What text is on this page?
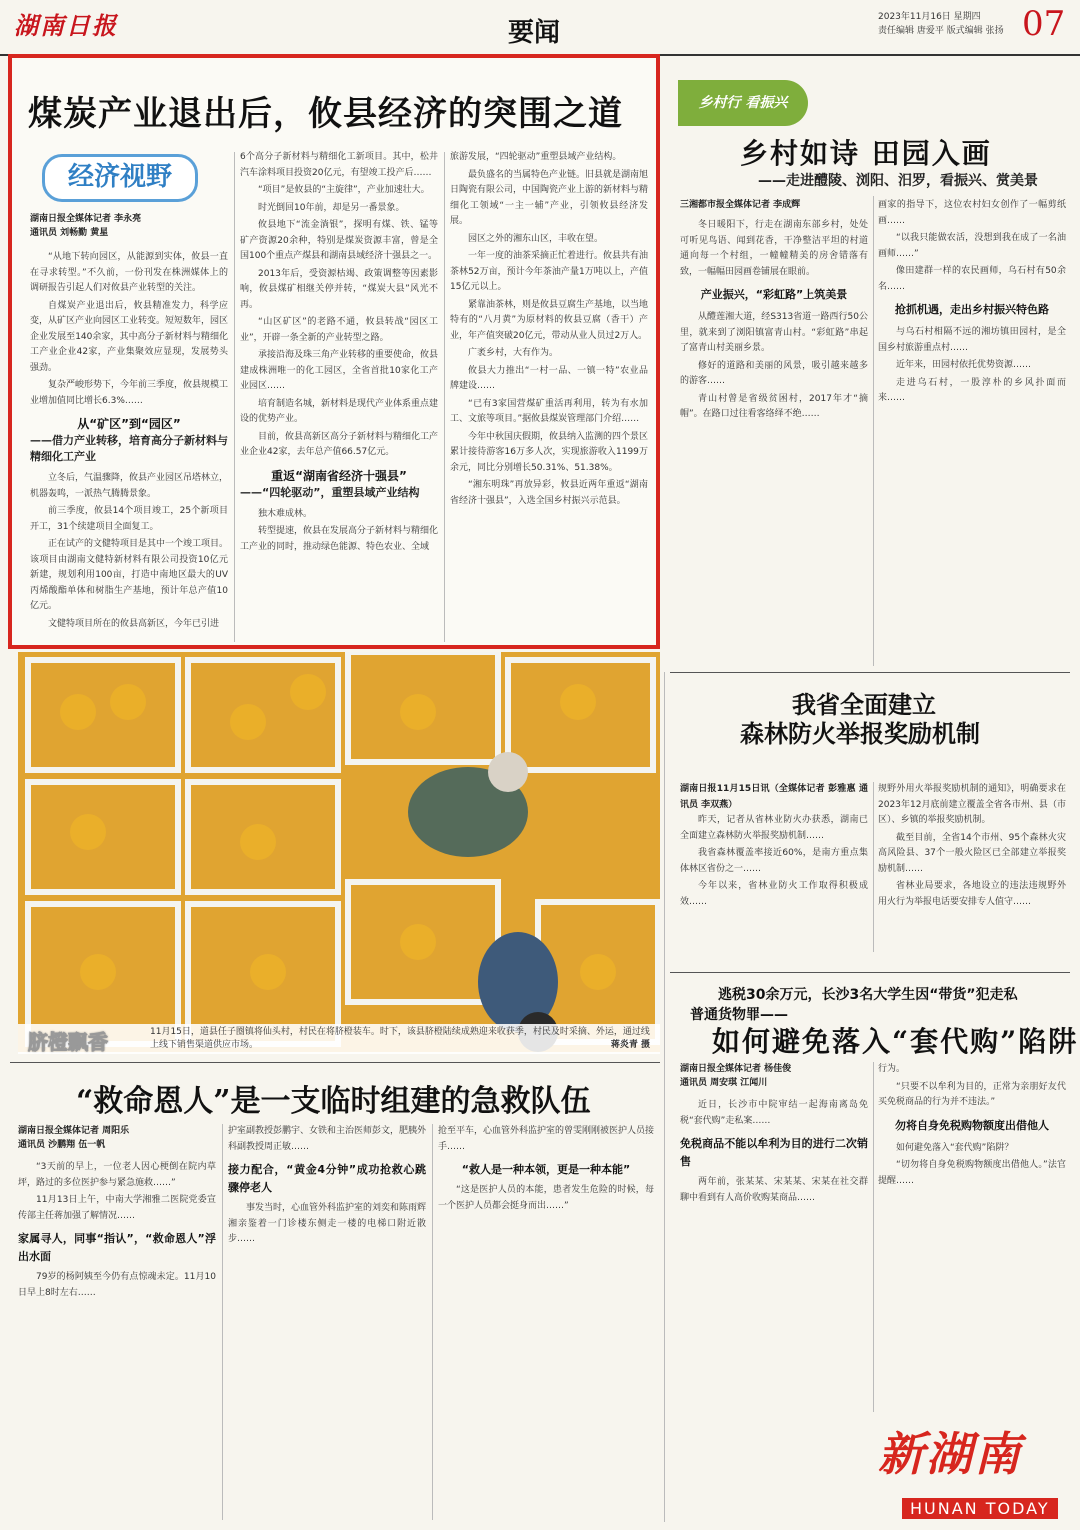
湖南日报	要闻
2023年11月16日 星期四
责任编辑 唐爱平 版式编辑 张扬 07
煤炭产业退出后，攸县经济的突围之道
经济视野
湖南日报全媒体记者 李永亮
通讯员 刘畅勤 黄星

“从地下转向园区，从能源到实体，攸县一直在寻求转型。”不久前，一份刊发在株洲媒体上的调研报告引起人们对攸县产业转型的关注。

自煤炭产业退出后，攸县精准发力，科学应变，从矿区产业向园区工业转变。短短数年，园区企业发展至140余家，其中高分子新材料与精细化工产业企业42家，产业集聚效应显现，发展势头强劲。

复杂严峻形势下，今年前三季度，攸县规模工业增加值同比增长6.3%……

从“矿区”到“园区”
——借力产业转移，培育高分子新材料与精细化工产业

立冬后，气温骤降，攸县产业园区吊塔林立，机器轰鸣，一派热气腾腾景象。

前三季度，攸县14个项目竣工，25个新项目开工，31个续建项目全面复工。

正在试产的文健特项目是其中一个竣工项目。该项目由湖南文健特新材料有限公司投资10亿元新建，规划利用100亩，打造中南地区最大的UV丙烯酸酯单体和树脂生产基地，预计年总产值10亿元。

文健特项目所在的攸县高新区，今年已引进

6个高分子新材料与精细化工新项目。其中，松井汽车涂料项目投资20亿元，有望竣工投产后……

“项目”是攸县的“主旋律”，产业加速壮大。

时光倒回10年前，却是另一番景象。

攸县地下“流金淌银”，探明有煤、铁、锰等矿产资源20余种，特别是煤炭资源丰富，曾是全国100个重点产煤县和湖南县域经济十强县之一。

2013年后，受资源枯竭、政策调整等因素影响，攸县煤矿相继关停并转，“煤炭大县”风光不再。

“山区矿区”的老路不通，攸县转战“园区工业”，开辟一条全新的产业转型之路。

承接沿海及珠三角产业转移的重要使命，攸县建成株洲唯一的化工园区，全省首批10家化工产业园区……

培育制造名城，新材料是现代产业体系重点建设的优势产业。

目前，攸县高新区高分子新材料与精细化工产业企业42家，去年总产值66.57亿元。

重返“湖南省经济十强县”
——“四轮驱动”，重塑县域产业结构

独木难成林。

转型提速，攸县在发展高分子新材料与精细化工产业的同时，推动绿色能源、特色农业、全域

旅游发展，“四轮驱动”重塑县域产业结构。

最负盛名的当属特色产业链。旧县就是湖南旭日陶瓷有限公司，中国陶瓷产业上游的新材料与精细化工领域“一主一辅”产业，引领攸县经济发展。

园区之外的湘东山区，丰收在望。

一年一度的油茶采摘正忙着进行。攸县共有油茶林52万亩，预计今年茶油产量1万吨以上，产值15亿元以上。

紧靠油茶林，则是攸县豆腐生产基地，以当地特有的“八月黄”为原材料的攸县豆腐（香干）产业，年产值突破20亿元，带动从业人员过2万人。

广袤乡村，大有作为。

攸县大力推出“一村一品、一镇一特”农业品牌建设……

“已有3家国营煤矿重活再利用，转为有水加工、文旅等项目。”据攸县煤炭管理部门介绍……

今年中秋国庆假期，攸县纳入监测的四个景区累计接待游客16万多人次，实现旅游收入1199万余元，同比分别增长50.31%、51.38%。

“湘东明珠”再放异彩，攸县近两年重返“湖南省经济十强县”，入选全国乡村振兴示范县。

乡村行 看振兴
乡村如诗 田园入画
——走进醴陵、浏阳、汨罗，看振兴、赏美景
三湘都市报全媒体记者 李成辉

冬日暖阳下，行走在湖南东部乡村，处处可听见鸟语、闻到花香，干净整洁平坦的村道通向每一个村组，一幢幢精美的房舍错落有致，一幅幅田园画卷铺展在眼前。

产业振兴，“彩虹路”上筑美景

从醴莲湘大道，经S313省道一路西行50公里，就来到了浏阳镇富青山村。“彩虹路”串起了富青山村美丽乡景。

修好的道路和美丽的风景，吸引越来越多的游客……

青山村曾是省级贫困村，2017年才“摘帽”。在路口过往看客络绎不绝……

画家的指导下，这位农村妇女创作了一幅剪纸画……

“以我只能做农活，没想到我在成了一名油画师……”

像田建群一样的农民画师，乌石村有50余名……

抢抓机遇，走出乡村振兴特色路

与乌石村相隔不远的湘坊镇田园村，是全国乡村旅游重点村……

近年来，田园村依托优势资源……

走进乌石村，一股淳朴的乡风扑面而来……

脐橙飘香	11月15日，道县任子圈镇将仙头村，村民在将脐橙装车。时下，该县脐橙陆续成熟迎来收获季，村民及时采摘、外运，通过线上线下销售渠道供应市场。	蒋炎青 摄
我省全面建立
森林防火举报奖励机制

湖南日报11月15日讯（全媒体记者 彭雅惠 通讯员 李双燕）

昨天，记者从省林业防火办获悉，湖南已全面建立森林防火举报奖励机制……

我省森林覆盖率接近60%，是南方重点集体林区省份之一……

今年以来，省林业防火工作取得积极成效……

规野外用火举报奖励机制的通知》，明确要求在2023年12月底前建立覆盖全省各市州、县（市区）、乡镇的举报奖励机制。

截至目前，全省14个市州、95个森林火灾高风险县、37个一般火险区已全部建立举报奖励机制……

省林业局要求，各地设立的违法违规野外用火行为举报电话要安排专人值守……

逃税30余万元，长沙3名大学生因“带货”犯走私
普通货物罪——
如何避免落入“套代购”陷阱
湖南日报全媒体记者 杨佳俊
通讯员 周安琪 江闻川

近日，长沙市中院审结一起海南离岛免税“套代购”走私案……

免税商品不能以牟利为目的进行二次销售

两年前，张某某、宋某某、宋某在社交群聊中看到有人高价收购某商品……

行为。

“只要不以牟利为目的，正常为亲朋好友代买免税商品的行为并不违法。”

勿将自身免税购物额度出借他人

如何避免落入“套代购”陷阱？

“切勿将自身免税购物额度出借他人。”法官提醒……

“救命恩人”是一支临时组建的急救队伍
湖南日报全媒体记者 周阳乐
通讯员 沙鹏翔 伍一帆

“3天前的早上，一位老人因心梗倒在院内草坪，路过的多位医护参与紧急施救……”

11月13日上午，中南大学湘雅二医院党委宣传部主任蒋加强了解情况……

家属寻人，同事“指认”，“救命恩人”浮出水面

79岁的杨阿姨至今仍有点惊魂未定。11月10日早上8时左右……

护室副教授彭鹏宇、女铁和主治医师彭文，肥胰外科副教授周正敏……

接力配合，“黄金4分钟”成功抢救心跳骤停老人

事发当时，心血管外科监护室的刘奕和陈雨辉湘亲鉴着一门诊楼东侧走一楼的电梯口附近散步……

抢至平车，心血管外科监护室的曾雯刚刚被医护人员接手……

“救人是一种本领，更是一种本能”

“这是医护人员的本能，患者发生危险的时候，每一个医护人员都会挺身而出……”

新湖南
HUNAN TODAY
